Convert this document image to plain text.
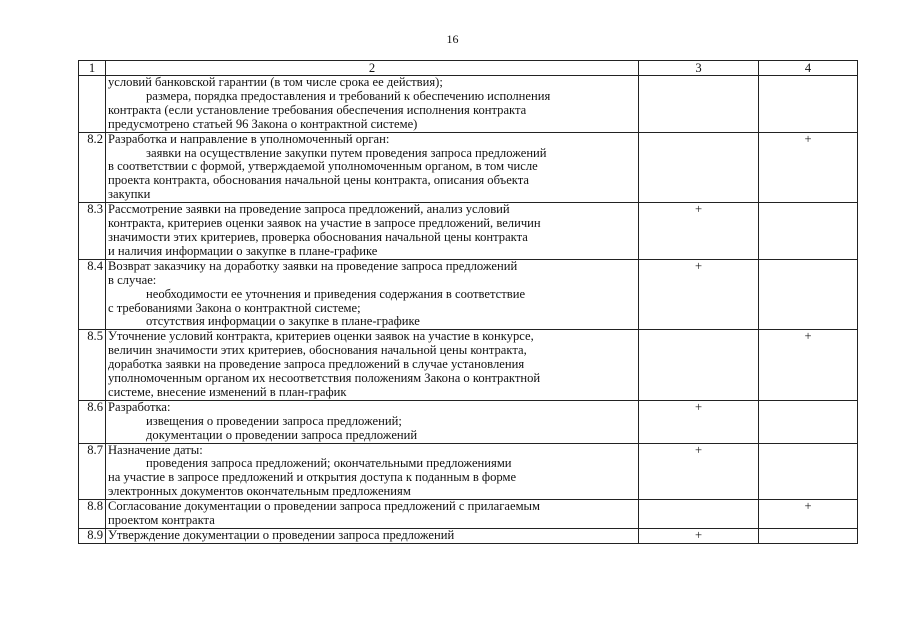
16
1	2	3	4

	условий банковской гарантии (в том числе срока ее действия);
размера, порядка предоставления и требований к обеспечению исполнения
контракта (если установление требования обеспечения исполнения контракта
предусмотрено статьей 96 Закона о контрактной системе)		

8.2	Разработка и направление в уполномоченный орган:
заявки на осуществление закупки путем проведения запроса предложений
в соответствии с формой, утверждаемой уполномоченным органом, в том числе
проекта контракта, обоснования начальной цены контракта, описания объекта
закупки		+
8.3	Рассмотрение заявки на проведение запроса предложений, анализ условий
контракта, критериев оценки заявок на участие в запросе предложений, величин
значимости этих критериев, проверка обоснования начальной цены контракта
и наличия информации о закупке в плане-графике	+	
8.4	Возврат заказчику на доработку заявки на проведение запроса предложений
в случае:
необходимости ее уточнения и приведения содержания в соответствие
с требованиями Закона о контрактной системе;
отсутствия информации о закупке в плане-графике	+	
8.5	Уточнение условий контракта, критериев оценки заявок на участие в конкурсе,
величин значимости этих критериев, обоснования начальной цены контракта,
доработка заявки на проведение запроса предложений в случае установления
уполномоченным органом их несоответствия положениям Закона о контрактной
системе, внесение изменений в план-график		+
8.6	Разработка:
извещения о проведении запроса предложений;
документации о проведении запроса предложений	+	
8.7	Назначение даты:
проведения запроса предложений; окончательными предложениями
на участие в запросе предложений и открытия доступа к поданным в форме
электронных документов окончательным предложениям	+	
8.8	Согласование документации о проведении запроса предложений с прилагаемым
проектом контракта		+
8.9	Утверждение документации о проведении запроса предложений	+	
